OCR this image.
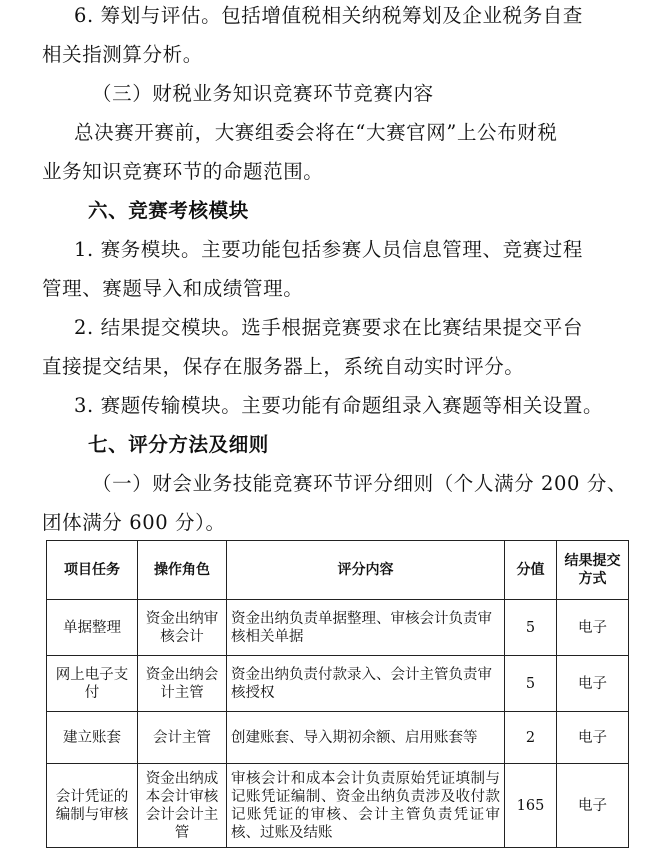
6. 筹划与评估。包括增值税相关纳税筹划及企业税务自查
相关指测算分析。
（三）财税业务知识竞赛环节竞赛内容
总决赛开赛前，大赛组委会将在“大赛官网”上公布财税
业务知识竞赛环节的命题范围。
六、竞赛考核模块
1. 赛务模块。主要功能包括参赛人员信息管理、竞赛过程
管理、赛题导入和成绩管理。
2. 结果提交模块。选手根据竞赛要求在比赛结果提交平台
直接提交结果，保存在服务器上，系统自动实时评分。
3. 赛题传输模块。主要功能有命题组录入赛题等相关设置。
七、评分方法及细则
（一）财会业务技能竞赛环节评分细则（个人满分 200 分、
团体满分 600 分）。
项目任务	操作角色	评分内容	分值	结果提交方式
单据整理	资金出纳审核会计	资金出纳负责单据整理、审核会计负责审核相关单据	5	电子
网上电子支付	资金出纳会计主管	资金出纳负责付款录入、会计主管负责审核授权	5	电子
建立账套	会计主管	创建账套、导入期初余额、启用账套等	2	电子
会计凭证的编制与审核	资金出纳成本会计审核会计会计主管	审核会计和成本会计负责原始凭证填制与记账凭证编制、资金出纳负责涉及收付款记账凭证的审核、会计主管负责凭证审核、过账及结账	165	电子
